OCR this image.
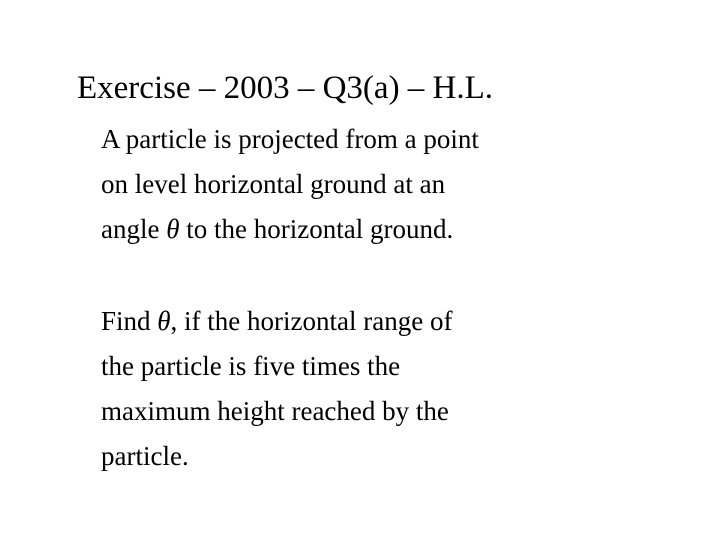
Exercise – 2003 – Q3(a) – H.L.
A particle is projected from a point
on level horizontal ground at an
angle θ to the horizontal ground.
Find θ, if the horizontal range of
the particle is five times the
maximum height reached by the
particle.
